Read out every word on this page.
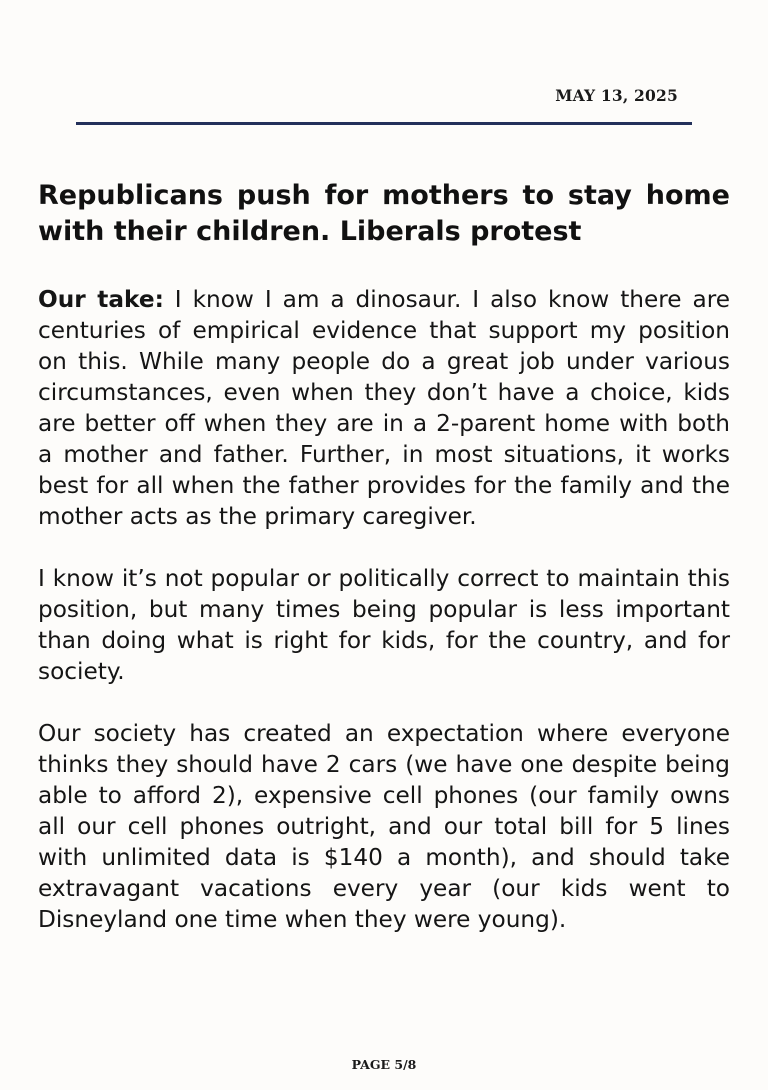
MAY 13, 2025
Republicans push for mothers to stay home with their children. Liberals protest

Our take: I know I am a dinosaur. I also know there are centuries of empirical evidence that support my position on this. While many people do a great job under various circumstances, even when they don’t have a choice, kids are better off when they are in a 2-parent home with both a mother and father. Further, in most situations, it works best for all when the father provides for the family and the mother acts as the primary caregiver.

I know it’s not popular or politically correct to maintain this position, but many times being popular is less important than doing what is right for kids, for the country, and for society.

Our society has created an expectation where everyone thinks they should have 2 cars (we have one despite being able to afford 2), expensive cell phones (our family owns all our cell phones outright, and our total bill for 5 lines with unlimited data is $140 a month), and should take extravagant vacations every year (our kids went to Disneyland one time when they were young).

PAGE 5/8
